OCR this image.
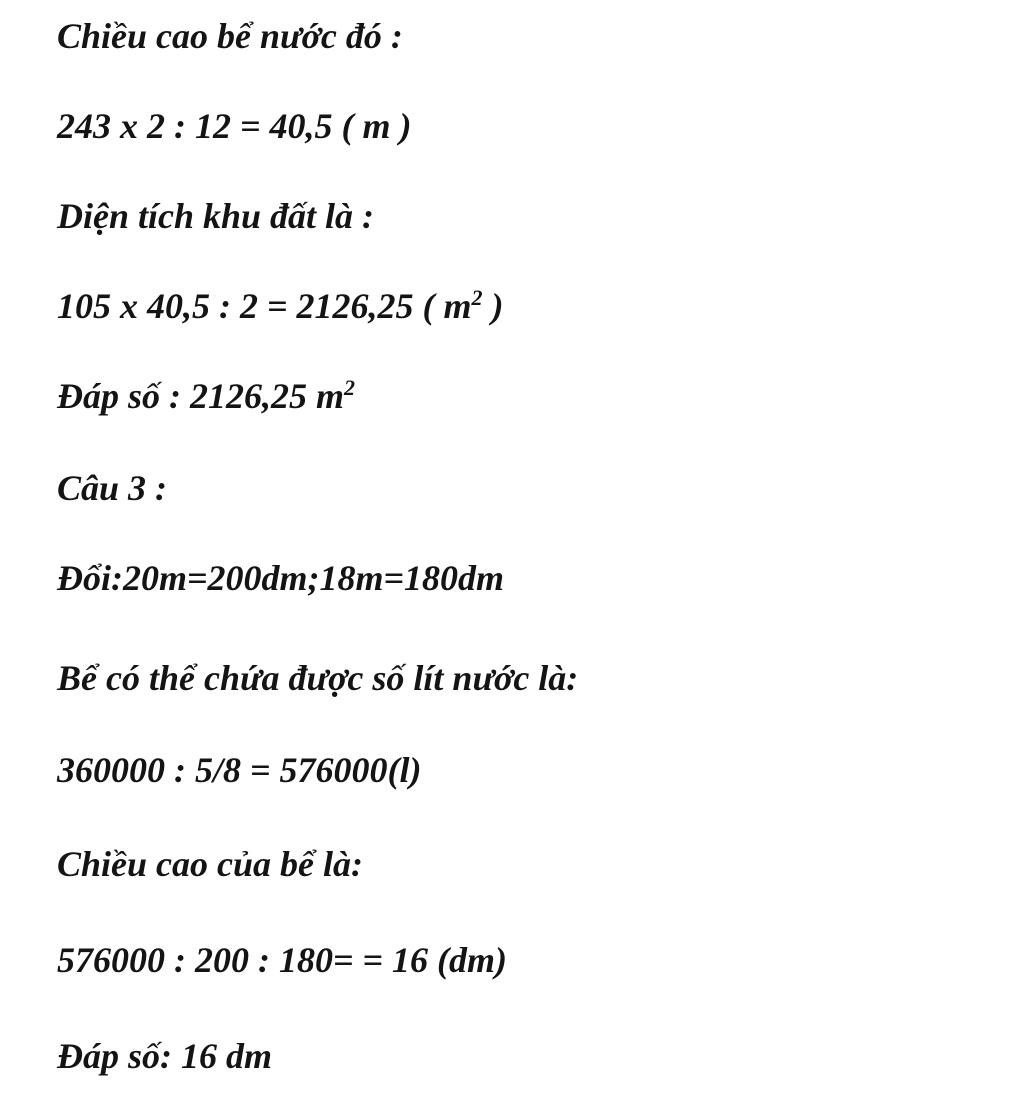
Chiều cao bể nước đó :

243 x 2 : 12 = 40,5 ( m )

Diện tích khu đất là :

105 x 40,5 : 2 = 2126,25 ( $m^2$ )

Đáp số : 2126,25 $m^2$

Câu 3 :

Đổi:20m=200dm;18m=180dm

Bể có thể chứa được số lít nước là:

360000 : 5/8 = 576000(l)

Chiều cao của bể là:

576000 : 200 : 180= = 16 (dm)

Đáp số: 16 dm
